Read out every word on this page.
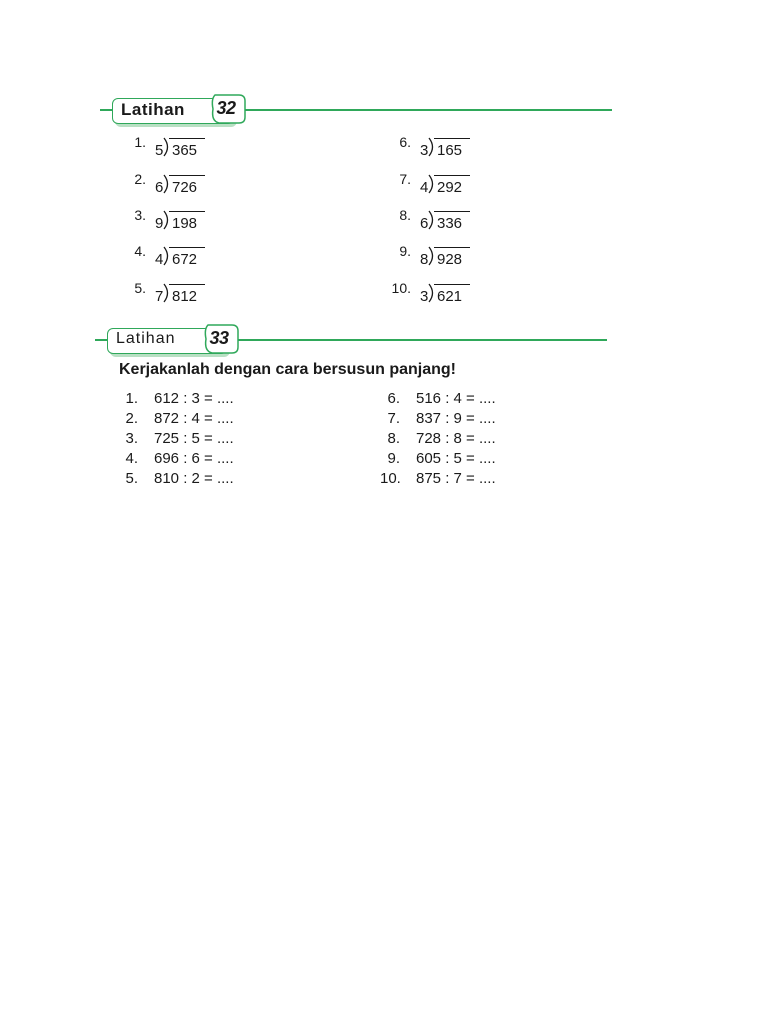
Latihan	32
1. 5 365
2. 6 726
3. 9 198
4. 4 672
5. 7 812
6. 3 165
7. 4 292
8. 6 336
9. 8 928
10. 3 621
Latihan	33
Kerjakanlah dengan cara bersusun panjang!
1. 612 : 3 = ....
2. 872 : 4 = ....
3. 725 : 5 = ....
4. 696 : 6 = ....
5. 810 : 2 = ....
6. 516 : 4 = ....
7. 837 : 9 = ....
8. 728 : 8 = ....
9. 605 : 5 = ....
10. 875 : 7 = ....
